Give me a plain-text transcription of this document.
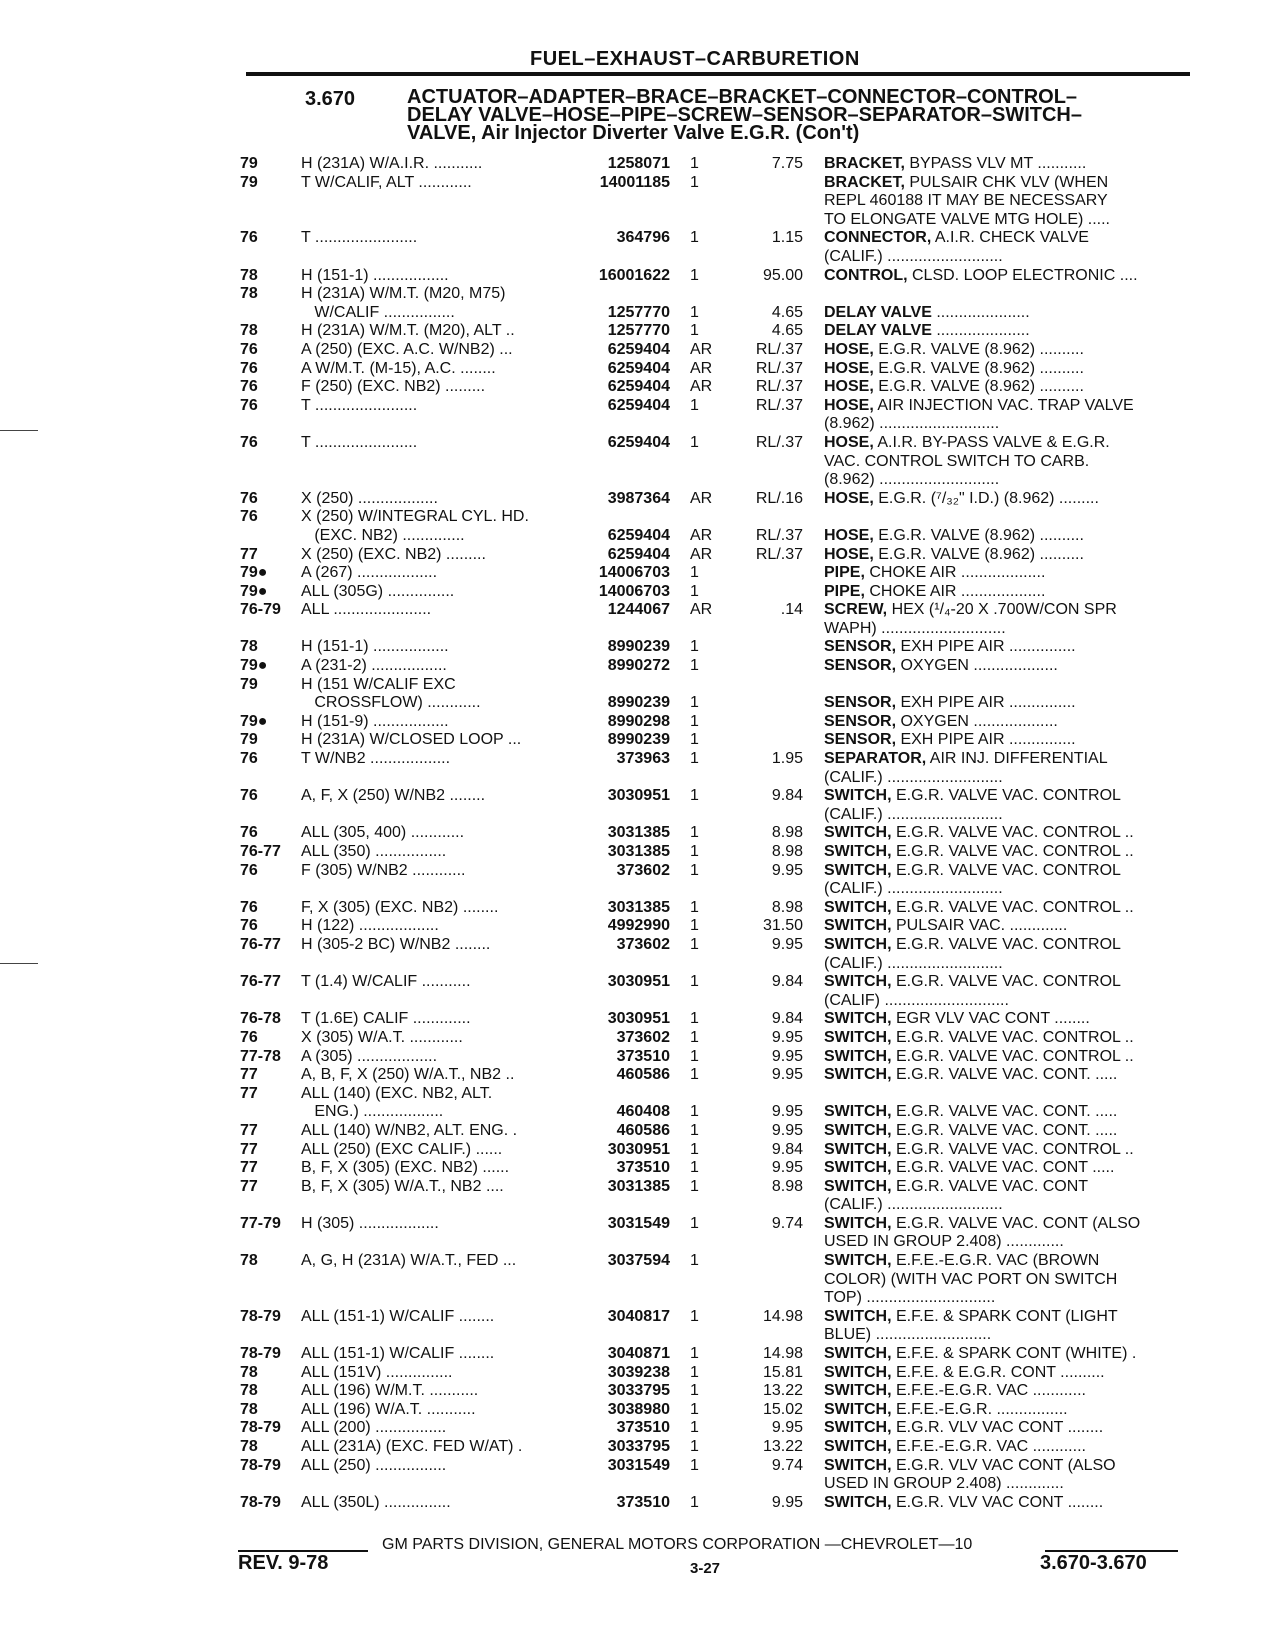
FUEL–EXHAUST–CARBURETION
3.670	ACTUATOR–ADAPTER–BRACE–BRACKET–CONNECTOR–CONTROL–
DELAY VALVE–HOSE–PIPE–SCREW–SENSOR–SEPARATOR–SWITCH–
VALVE, Air Injector Diverter Valve E.G.R. (Con't)
79	H (231A) W/A.I.R. ...........	1258071 1	7.75 BRACKET, BYPASS VLV MT ...........
79	T W/CALIF, ALT ............	14001185 1	BRACKET, PULSAIR CHK VLV (WHEN
REPL 460188 IT MAY BE NECESSARY
TO ELONGATE VALVE MTG HOLE) .....
76	T .......................	364796 1	1.15 CONNECTOR, A.I.R. CHECK VALVE
(CALIF.) ..........................
78	H (151-1) .................	16001622 1	95.00 CONTROL, CLSD. LOOP ELECTRONIC ....
78	H (231A) W/M.T. (M20, M75)
W/CALIF ................	1257770 1	4.65 DELAY VALVE .....................
78	H (231A) W/M.T. (M20), ALT ..	1257770 1	4.65 DELAY VALVE .....................
76	A (250) (EXC. A.C. W/NB2) ...	6259404 AR	RL/.37 HOSE, E.G.R. VALVE (8.962) ..........
76	A W/M.T. (M-15), A.C. ........	6259404 AR	RL/.37 HOSE, E.G.R. VALVE (8.962) ..........
76	F (250) (EXC. NB2) .........	6259404 AR	RL/.37 HOSE, E.G.R. VALVE (8.962) ..........
76	T .......................	6259404 1	RL/.37 HOSE, AIR INJECTION VAC. TRAP VALVE
(8.962) ...........................
76	T .......................	6259404 1	RL/.37 HOSE, A.I.R. BY-PASS VALVE & E.G.R.
VAC. CONTROL SWITCH TO CARB.
(8.962) ...........................
76	X (250) ..................	3987364 AR	RL/.16 HOSE, E.G.R. (⁷/₃₂" I.D.) (8.962) .........
76	X (250) W/INTEGRAL CYL. HD.
(EXC. NB2) ..............	6259404 AR	RL/.37 HOSE, E.G.R. VALVE (8.962) ..........
77	X (250) (EXC. NB2) .........	6259404 AR	RL/.37 HOSE, E.G.R. VALVE (8.962) ..........
79●	A (267) ..................	14006703 1	PIPE, CHOKE AIR ...................
79●	ALL (305G) ...............	14006703 1	PIPE, CHOKE AIR ...................
76-79	ALL ......................	1244067 AR	.14 SCREW, HEX (¹/₄-20 X .700W/CON SPR
WAPH) ............................
78	H (151-1) .................	8990239 1	SENSOR, EXH PIPE AIR ...............
79●	A (231-2) .................	8990272 1	SENSOR, OXYGEN ...................
79	H (151 W/CALIF EXC
CROSSFLOW) ............	8990239 1	SENSOR, EXH PIPE AIR ...............
79●	H (151-9) .................	8990298 1	SENSOR, OXYGEN ...................
79	H (231A) W/CLOSED LOOP ...	8990239 1	SENSOR, EXH PIPE AIR ...............
76	T W/NB2 ..................	373963 1	1.95 SEPARATOR, AIR INJ. DIFFERENTIAL
(CALIF.) ..........................
76	A, F, X (250) W/NB2 ........	3030951 1	9.84 SWITCH, E.G.R. VALVE VAC. CONTROL
(CALIF.) ..........................
76	ALL (305, 400) ............	3031385 1	8.98 SWITCH, E.G.R. VALVE VAC. CONTROL ..
76-77	ALL (350) ................	3031385 1	8.98 SWITCH, E.G.R. VALVE VAC. CONTROL ..
76	F (305) W/NB2 ............	373602 1	9.95 SWITCH, E.G.R. VALVE VAC. CONTROL
(CALIF.) ..........................
76	F, X (305) (EXC. NB2) ........	3031385 1	8.98 SWITCH, E.G.R. VALVE VAC. CONTROL ..
76	H (122) ..................	4992990 1	31.50 SWITCH, PULSAIR VAC. .............
76-77	H (305-2 BC) W/NB2 ........	373602 1	9.95 SWITCH, E.G.R. VALVE VAC. CONTROL
(CALIF.) ..........................
76-77	T (1.4) W/CALIF ...........	3030951 1	9.84 SWITCH, E.G.R. VALVE VAC. CONTROL
(CALIF) ............................
76-78	T (1.6E) CALIF .............	3030951 1	9.84 SWITCH, EGR VLV VAC CONT ........
76	X (305) W/A.T. ............	373602 1	9.95 SWITCH, E.G.R. VALVE VAC. CONTROL ..
77-78	A (305) ..................	373510 1	9.95 SWITCH, E.G.R. VALVE VAC. CONTROL ..
77	A, B, F, X (250) W/A.T., NB2 ..	460586 1	9.95 SWITCH, E.G.R. VALVE VAC. CONT. .....
77	ALL (140) (EXC. NB2, ALT.
ENG.) ..................	460408 1	9.95 SWITCH, E.G.R. VALVE VAC. CONT. .....
77	ALL (140) W/NB2, ALT. ENG. .	460586 1	9.95 SWITCH, E.G.R. VALVE VAC. CONT. .....
77	ALL (250) (EXC CALIF.) ......	3030951 1	9.84 SWITCH, E.G.R. VALVE VAC. CONTROL ..
77	B, F, X (305) (EXC. NB2) ......	373510 1	9.95 SWITCH, E.G.R. VALVE VAC. CONT .....
77	B, F, X (305) W/A.T., NB2 ....	3031385 1	8.98 SWITCH, E.G.R. VALVE VAC. CONT
(CALIF.) ..........................
77-79	H (305) ..................	3031549 1	9.74 SWITCH, E.G.R. VALVE VAC. CONT (ALSO
USED IN GROUP 2.408) .............
78	A, G, H (231A) W/A.T., FED ...	3037594 1	SWITCH, E.F.E.-E.G.R. VAC (BROWN
COLOR) (WITH VAC PORT ON SWITCH
TOP) .............................
78-79	ALL (151-1) W/CALIF ........	3040817 1	14.98 SWITCH, E.F.E. & SPARK CONT (LIGHT
BLUE) ..........................
78-79	ALL (151-1) W/CALIF ........	3040871 1	14.98 SWITCH, E.F.E. & SPARK CONT (WHITE) .
78	ALL (151V) ...............	3039238 1	15.81 SWITCH, E.F.E. & E.G.R. CONT ..........
78	ALL (196) W/M.T. ...........	3033795 1	13.22 SWITCH, E.F.E.-E.G.R. VAC ............
78	ALL (196) W/A.T. ...........	3038980 1	15.02 SWITCH, E.F.E.-E.G.R. ................
78-79	ALL (200) ................	373510 1	9.95 SWITCH, E.G.R. VLV VAC CONT ........
78	ALL (231A) (EXC. FED W/AT) .	3033795 1	13.22 SWITCH, E.F.E.-E.G.R. VAC ............
78-79	ALL (250) ................	3031549 1	9.74 SWITCH, E.G.R. VLV VAC CONT (ALSO
USED IN GROUP 2.408) .............
78-79	ALL (350L) ...............	373510 1	9.95 SWITCH, E.G.R. VLV VAC CONT ........
GM PARTS DIVISION, GENERAL MOTORS CORPORATION —CHEVROLET—10
REV. 9-78	3-27	3.670-3.670
